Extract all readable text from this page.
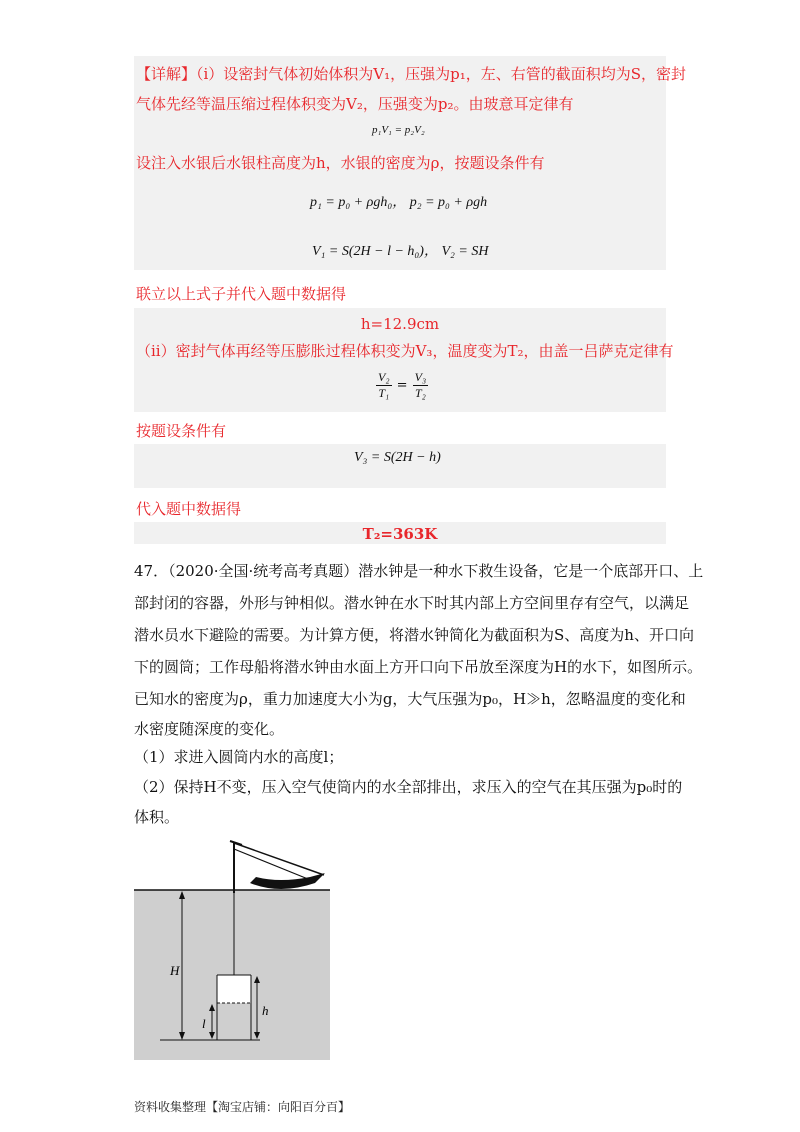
【详解】（i）设密封气体初始体积为V₁，压强为p₁，左、右管的截面积均为S，密封
气体先经等温压缩过程体积变为V₂，压强变为p₂。由玻意耳定律有
p₁V₁ = p₂V₂
设注入水银后水银柱高度为h，水银的密度为ρ，按题设条件有
p₁ = p₀ + ρgh₀， p₂ = p₀ + ρgh
V₁ = S(2H − l − h₀)， V₂ = SH
联立以上式子并代入题中数据得
h=12.9cm
（ii）密封气体再经等压膨胀过程体积变为V₃，温度变为T₂，由盖一吕萨克定律有
$\frac{\text{V₂}}{\text{T₁}} = \frac{\text{V₃}}{\text{T₂}}$
按题设条件有
V₃ = S(2H − h)
代入题中数据得
T₂=363K
47．（2020·全国·统考高考真题）潜水钟是一种水下救生设备，它是一个底部开口、上
部封闭的容器，外形与钟相似。潜水钟在水下时其内部上方空间里存有空气，以满足
潜水员水下避险的需要。为计算方便，将潜水钟简化为截面积为S、高度为h、开口向
下的圆筒；工作母船将潜水钟由水面上方开口向下吊放至深度为H的水下，如图所示。
已知水的密度为ρ，重力加速度大小为g，大气压强为p₀，H≫h，忽略温度的变化和
水密度随深度的变化。
（1）求进入圆筒内水的高度l；
（2）保持H不变，压入空气使筒内的水全部排出，求压入的空气在其压强为p₀时的
体积。
H
h
l
资料收集整理【淘宝店铺：向阳百分百】
